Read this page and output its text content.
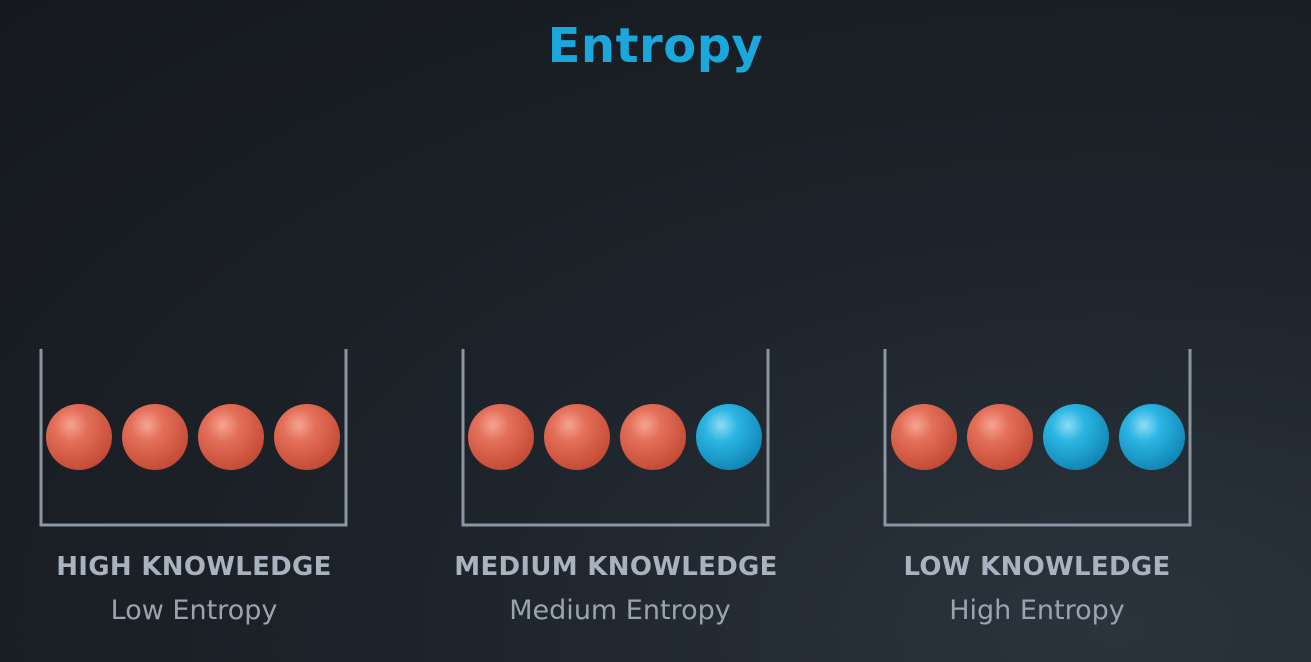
Entropy
HIGH KNOWLEDGE
Low Entropy
MEDIUM KNOWLEDGE
Medium Entropy
LOW KNOWLEDGE
High Entropy
